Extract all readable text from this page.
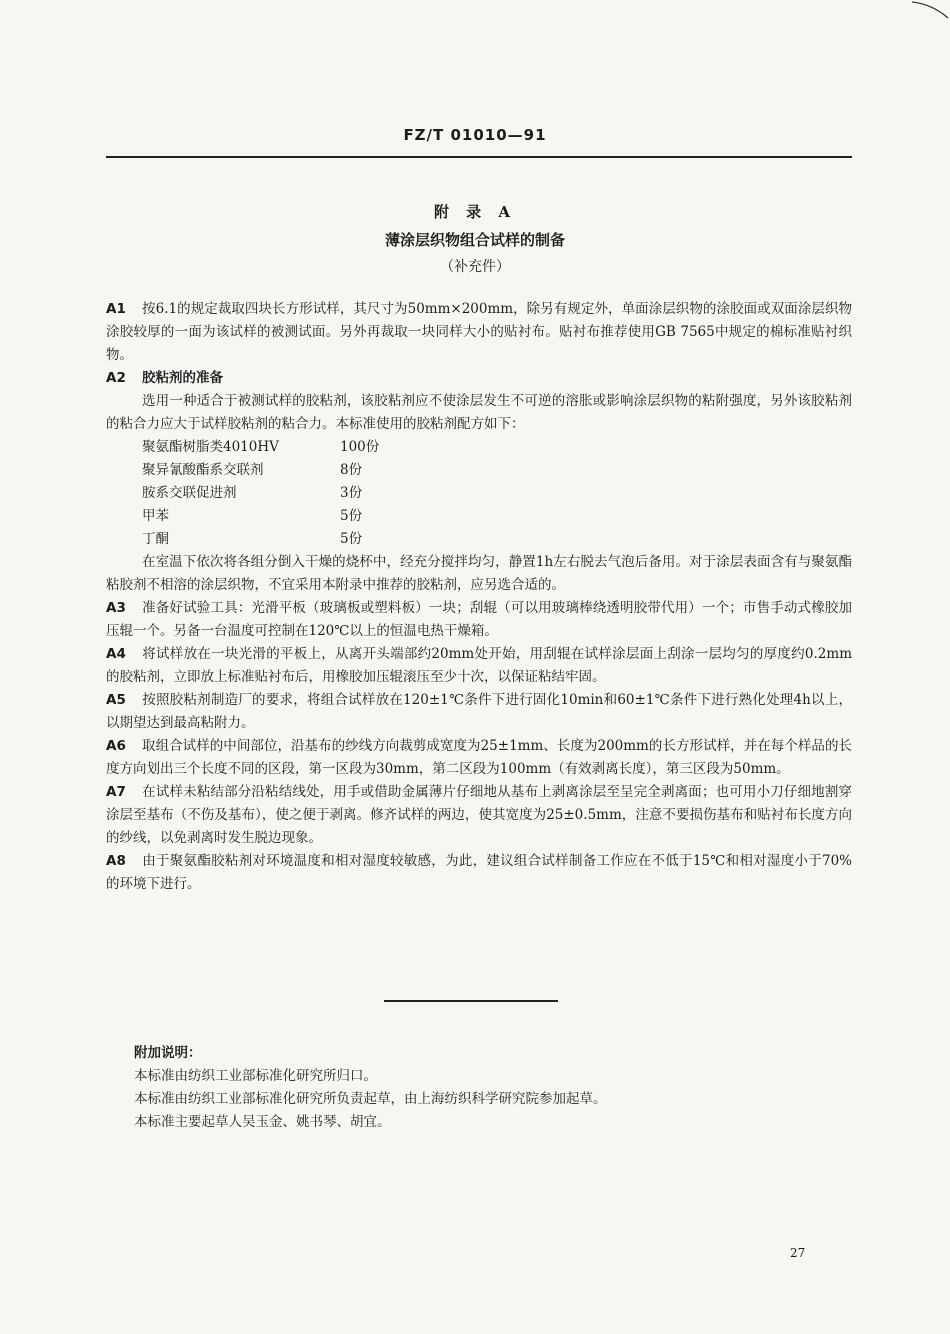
FZ/T 01010—91
附 录 A
薄涂层织物组合试样的制备
（补充件）

A1 按6.1的规定裁取四块长方形试样，其尺寸为50mm×200mm，除另有规定外，单面涂层织物的涂胶面或双面涂层织物涂胶较厚的一面为该试样的被测试面。另外再裁取一块同样大小的贴衬布。贴衬布推荐使用GB 7565中规定的棉标准贴衬织物。

A2 胶粘剂的准备

选用一种适合于被测试样的胶粘剂，该胶粘剂应不使涂层发生不可逆的溶胀或影响涂层织物的粘附强度，另外该胶粘剂的粘合力应大于试样胶粘剂的粘合力。本标准使用的胶粘剂配方如下：

聚氨酯树脂类4010HV	100份
聚异氰酸酯系交联剂	8份
胺系交联促进剂	3份
甲苯	5份
丁酮	5份

在室温下依次将各组分倒入干燥的烧杯中，经充分搅拌均匀，静置1h左右脱去气泡后备用。对于涂层表面含有与聚氨酯粘胶剂不相溶的涂层织物，不宜采用本附录中推荐的胶粘剂，应另选合适的。

A3 准备好试验工具：光滑平板（玻璃板或塑料板）一块；刮辊（可以用玻璃棒绕透明胶带代用）一个；市售手动式橡胶加压辊一个。另备一台温度可控制在120℃以上的恒温电热干燥箱。

A4 将试样放在一块光滑的平板上，从离开头端部约20mm处开始，用刮辊在试样涂层面上刮涂一层均匀的厚度约0.2mm的胶粘剂，立即放上标准贴衬布后，用橡胶加压辊滚压至少十次，以保证粘结牢固。

A5 按照胶粘剂制造厂的要求，将组合试样放在120±1℃条件下进行固化10min和60±1℃条件下进行熟化处理4h以上，以期望达到最高粘附力。

A6 取组合试样的中间部位，沿基布的纱线方向裁剪成宽度为25±1mm、长度为200mm的长方形试样，并在每个样品的长度方向划出三个长度不同的区段，第一区段为30mm，第二区段为100mm（有效剥离长度），第三区段为50mm。

A7 在试样未粘结部分沿粘结线处，用手或借助金属薄片仔细地从基布上剥离涂层至呈完全剥离面；也可用小刀仔细地割穿涂层至基布（不伤及基布），使之便于剥离。修齐试样的两边，使其宽度为25±0.5mm，注意不要损伤基布和贴衬布长度方向的纱线，以免剥离时发生脱边现象。

A8 由于聚氨酯胶粘剂对环境温度和相对湿度较敏感，为此，建议组合试样制备工作应在不低于15℃和相对湿度小于70%的环境下进行。

附加说明：
本标准由纺织工业部标准化研究所归口。
本标准由纺织工业部标准化研究所负责起草，由上海纺织科学研究院参加起草。
本标准主要起草人吴玉金、姚书琴、胡宜。
27
